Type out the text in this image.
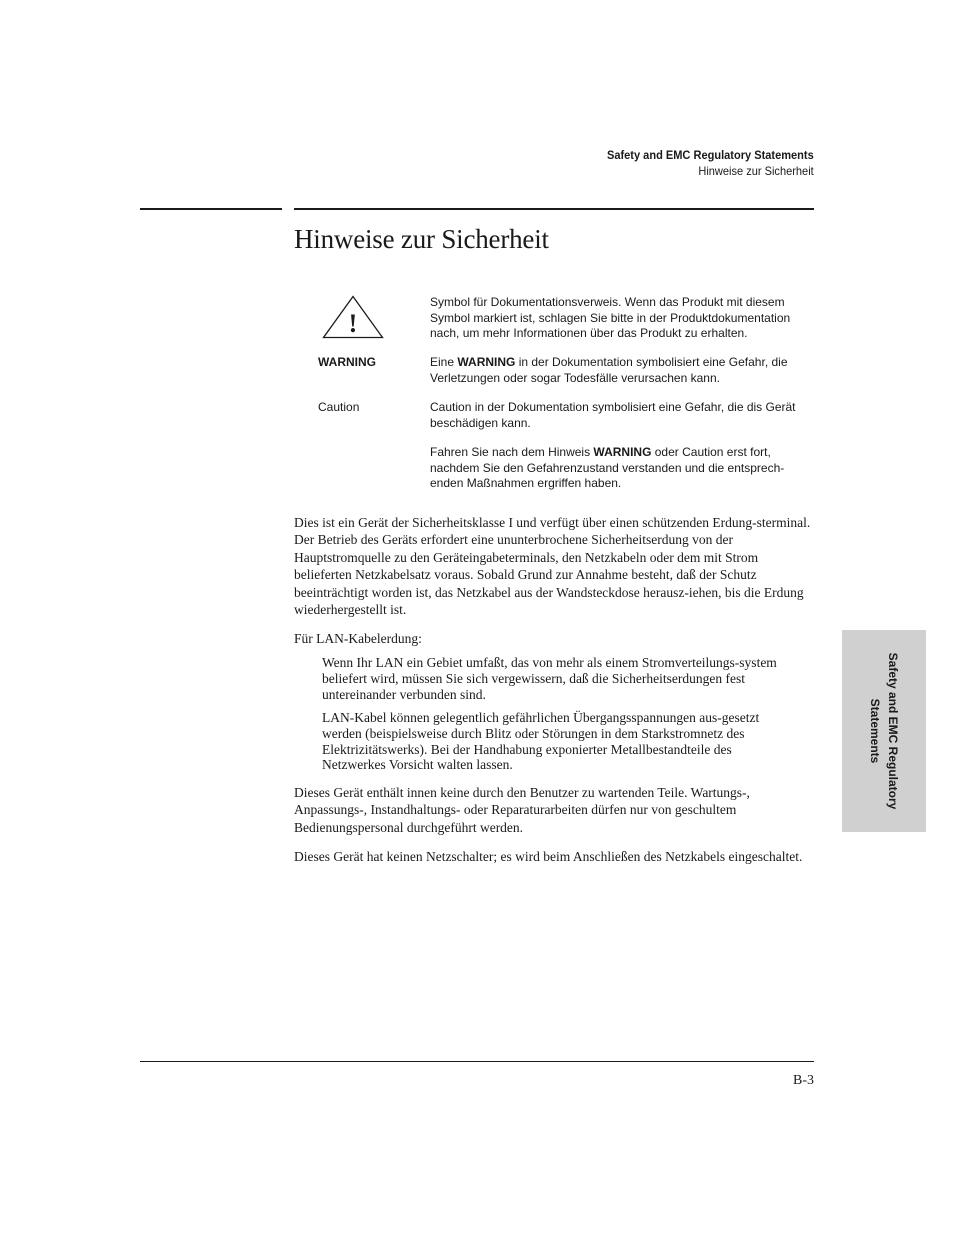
Safety and EMC Regulatory Statements
Hinweise zur Sicherheit
Hinweise zur Sicherheit
!
Symbol für Dokumentationsverweis. Wenn das Produkt mit diesem Symbol markiert ist, schlagen Sie bitte in der Produktdokumentation nach, um mehr Informationen über das Produkt zu erhalten.
WARNING	Eine WARNING in der Dokumentation symbolisiert eine Gefahr, die Verletzungen oder sogar Todesfälle verursachen kann.
Caution	Caution in der Dokumentation symbolisiert eine Gefahr, die dis Gerät beschädigen kann.
Fahren Sie nach dem Hinweis WARNING oder Caution erst fort, nachdem Sie den Gefahrenzustand verstanden und die entsprech-enden Maßnahmen ergriffen haben.

Dies ist ein Gerät der Sicherheitsklasse I und verfügt über einen schützenden Erdung-sterminal. Der Betrieb des Geräts erfordert eine ununterbrochene Sicherheitserdung von der Hauptstromquelle zu den Geräteingabeterminals, den Netzkabeln oder dem mit Strom belieferten Netzkabelsatz voraus. Sobald Grund zur Annahme besteht, daß der Schutz beeinträchtigt worden ist, das Netzkabel aus der Wandsteckdose herausz-iehen, bis die Erdung wiederhergestellt ist.

Für LAN-Kabelerdung:

Wenn Ihr LAN ein Gebiet umfaßt, das von mehr als einem Stromverteilungs-system beliefert wird, müssen Sie sich vergewissern, daß die Sicherheitserdungen fest untereinander verbunden sind.

LAN-Kabel können gelegentlich gefährlichen Übergangsspannungen aus-gesetzt werden (beispielsweise durch Blitz oder Störungen in dem Starkstromnetz des Elektrizitätswerks). Bei der Handhabung exponierter Metallbestandteile des Netzwerkes Vorsicht walten lassen.

Dieses Gerät enthält innen keine durch den Benutzer zu wartenden Teile. Wartungs-, Anpassungs-, Instandhaltungs- oder Reparaturarbeiten dürfen nur von geschultem Bedienungspersonal durchgeführt werden.

Dieses Gerät hat keinen Netzschalter; es wird beim Anschließen des Netzkabels eingeschaltet.

Safety and EMC Regulatory Statements
B-3
